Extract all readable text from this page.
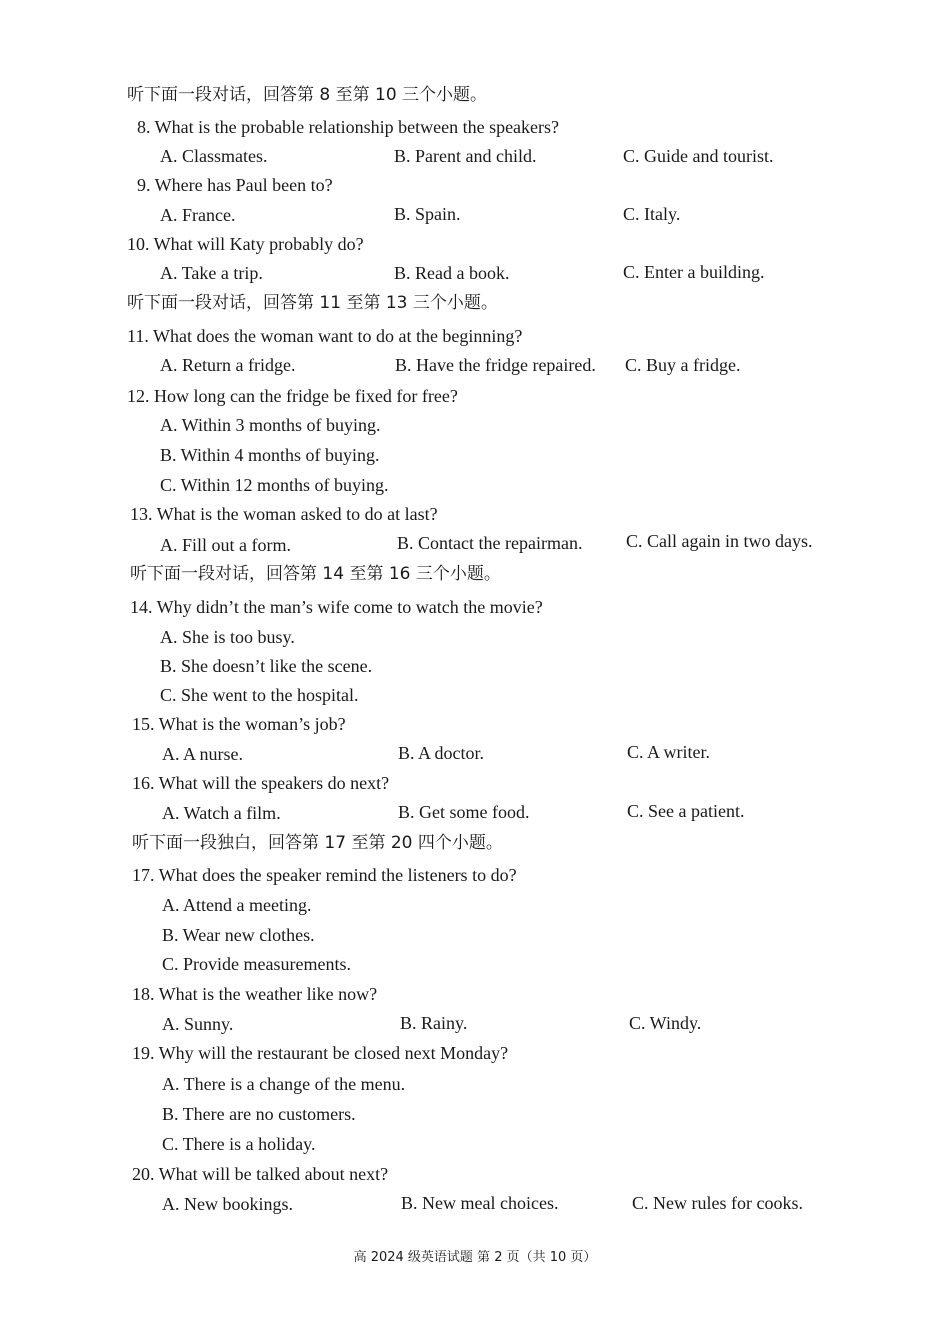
听下面一段对话，回答第 8 至第 10 三个小题。
8. What is the probable relationship between the speakers?
A. Classmates.	B. Parent and child.	C. Guide and tourist.
9. Where has Paul been to?
A. France.	B. Spain.	C. Italy.
10. What will Katy probably do?
A. Take a trip.	B. Read a book.	C. Enter a building.
听下面一段对话，回答第 11 至第 13 三个小题。
11. What does the woman want to do at the beginning?
A. Return a fridge.	B. Have the fridge repaired. C. Buy a fridge.
12. How long can the fridge be fixed for free?
A. Within 3 months of buying.
B. Within 4 months of buying.
C. Within 12 months of buying.
13. What is the woman asked to do at last?
A. Fill out a form.	B. Contact the repairman. C. Call again in two days.
听下面一段对话，回答第 14 至第 16 三个小题。
14. Why didn’t the man’s wife come to watch the movie?
A. She is too busy.
B. She doesn’t like the scene.
C. She went to the hospital.
15. What is the woman’s job?
A. A nurse.	B. A doctor.	C. A writer.
16. What will the speakers do next?
A. Watch a film.	B. Get some food.	C. See a patient.
听下面一段独白，回答第 17 至第 20 四个小题。
17. What does the speaker remind the listeners to do?
A. Attend a meeting.
B. Wear new clothes.
C. Provide measurements.
18. What is the weather like now?
A. Sunny.	B. Rainy.	C. Windy.
19. Why will the restaurant be closed next Monday?
A. There is a change of the menu.
B. There are no customers.
C. There is a holiday.
20. What will be talked about next?
A. New bookings.	B. New meal choices.	C. New rules for cooks.
高 2024 级英语试题 第 2 页（共 10 页）
